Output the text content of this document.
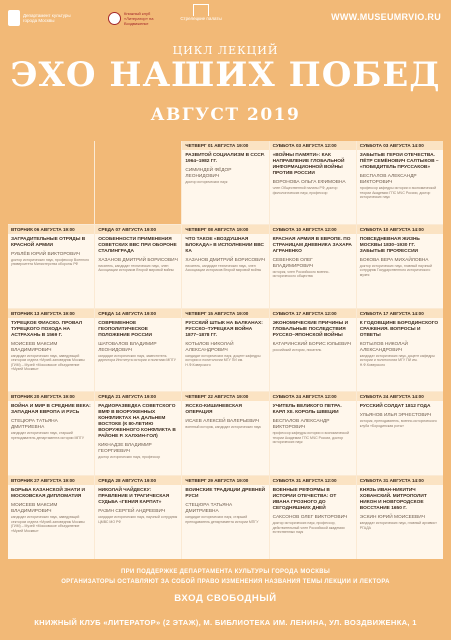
Департамент культуры города Москвы
Книжный клуб «Литератор» на Воздвиженке
Стрелецкие палаты	WWW.MUSEUMRVIO.RU
ЦИКЛ ЛЕКЦИЙ
ЭХО НАШИХ ПОБЕД
АВГУСТ 2019
ЧЕТВЕРГ 01 АВГУСТА 19:00
РАЗВИТОЙ СОЦИАЛИЗМ В СССР. 1964–1982 ГГ.
СИМИНДЕЙ ФЁДОР ЛЕОНИДОВИЧ
доктор исторических наук
СУББОТА 03 АВГУСТА 12:00
«ВОЙНЫ ПАМЯТИ»: КАК НАПРАВЛЕНИЕ ГЛОБАЛЬНОЙ ИНФОРМАЦИОННОЙ ВОЙНЫ ПРОТИВ РОССИИ
ВОРОНОВА ОЛЬГА ЕФИМОВНА
член Общественной палаты РФ, доктор филологических наук, профессор
СУББОТА 03 АВГУСТА 14:00
ЗАБЫТЫЕ ГЕРОИ ОТЕЧЕСТВА. ПЁТР СЕМЁНОВИЧ САЛТЫКОВ – «ПОБЕДИТЕЛЬ ПРУССАКОВ»
БЕСПАЛОВ АЛЕКСАНДР ВИКТОРОВИЧ
профессор кафедры истории и экономической теории Академии ГПС МЧС России, доктор исторических наук
ВТОРНИК 06 АВГУСТА 19:00
ЗАГРАДИТЕЛЬНЫЕ ОТРЯДЫ В КРАСНОЙ АРМИИ
РУБЛЁВ ЮРИЙ ВИКТОРОВИЧ
доктор исторических наук, профессор Военного университета Министерства обороны РФ
СРЕДА 07 АВГУСТА 19:00
ОСОБЕННОСТИ ПРИМЕНЕНИЯ СОВЕТСКИХ ВВС ПРИ ОБОРОНЕ СТАЛИНГРАДА
ХАЗАНОВ ДМИТРИЙ БОРИСОВИЧ
писатель, кандидат технических наук, член Ассоциации историков Второй мировой войны
ЧЕТВЕРГ 08 АВГУСТА 19:00
ЧТО ТАКОЕ «ВОЗДУШНАЯ БЛОКАДА» В ИСПОЛНЕНИИ ВВС КА
ХАЗАНОВ ДМИТРИЙ БОРИСОВИЧ
писатель, кандидат технических наук, член Ассоциации историков Второй мировой войны
СУББОТА 10 АВГУСТА 12:00
КРАСНАЯ АРМИЯ В ЕВРОПЕ. ПО СТРАНИЦАМ ДНЕВНИКА ЗАХАРА АГРАНЕНКО
СЕВЕНКОВ ОЛЕГ ВЛАДИМИРОВИЧ
историк, член Российского военно-исторического общества
СУББОТА 10 АВГУСТА 14:00
ПОВСЕДНЕВНАЯ ЖИЗНЬ МОСКВЫ 1830–1930 ГГ. ЗАБЫТЫЕ ПРОФЕССИИ
БОКОВА ВЕРА МИХАЙЛОВНА
доктор исторических наук, главный научный сотрудник Государственного исторического музея
ВТОРНИК 13 АВГУСТА 19:00
ТУРЕЦКОЕ ФИАСКО. ПРОВАЛ ТУРЕЦКОГО ПОХОДА НА АСТРАХАНЬ В 1569 Г.
МОИСЕЕВ МАКСИМ ВЛАДИМИРОВИЧ
кандидат исторических наук, заведующий сектором отдела «Музей-заповедник Москвы (ГИМ) – Музей «Московское объединение «Музей Москвы»
СРЕДА 14 АВГУСТА 19:00
СОВРЕМЕННОЕ ГЕОПОЛИТИЧЕСКОЕ ПОЛОЖЕНИЕ РОССИИ
ШАТОВАЛОВ ВЛАДИМИР ЛЕОНИДОВИЧ
кандидат исторических наук, заместитель директора Института истории и политики МПГУ
ЧЕТВЕРГ 15 АВГУСТА 19:00
РУССКИЙ ШТЫК НА БАЛКАНАХ: РУССКО–ТУРЕЦКАЯ ВОЙНА 1877–1878 ГГ.
КОТЫЛОВ НИКОЛАЙ АЛЕКСАНДРОВИЧ
кандидат исторических наук, доцент кафедры истории и политологии МГУ ПИ им. Н.Ф.Коверского
СУББОТА 17 АВГУСТА 12:00
ЭКОНОМИЧЕСКИЕ ПРИЧИНЫ И ГЛОБАЛЬНЫЕ ПОСЛЕДСТВИЯ РУССКО–ЯПОНСКОЙ ВОЙНЫ
КАТАРИНСКИЙ БОРИС ЮЛЬЕВИЧ
российский историк, писатель
СУББОТА 17 АВГУСТА 14:00
К ГОДОВЩИНЕ БОРОДИНСКОГО СРАЖЕНИЯ. ВОПРОСЫ И ОТВЕТЫ
КОТЫЛОВ НИКОЛАЙ АЛЕКСАНДРОВИЧ
кандидат исторических наук, доцент кафедры истории и политологии МГУ ПИ им. Н.Ф.Коверского
ВТОРНИК 20 АВГУСТА 19:00
ВОЙНА И МИР В СРЕДНИЕ ВЕКА: ЗАПАДНАЯ ЕВРОПА И РУСЬ
СТЕЦЮРА ТАТЬЯНА ДМИТРИЕВНА
кандидат исторических наук, старший преподаватель департамента истории МПГУ
СРЕДА 21 АВГУСТА 19:00
РАДИОРАЗВЕДКА СОВЕТСКОГО ВМФ В ВООРУЖЕННЫХ КОНФЛИКТАХ НА ДАЛЬНЕМ ВОСТОКЕ (К 80-ЛЕТИЮ ВООРУЖЕННОГО КОНФЛИКТА В РАЙОНЕ Р. ХАЛХИН-ГОЛ)
КИКНАДЗЕ ВЛАДИМИР ГЕОРГИЕВИЧ
доктор исторических наук, профессор
ЧЕТВЕРГ 22 АВГУСТА 19:00
ЯССКО-КИШИНЕВСКАЯ ОПЕРАЦИЯ
ИСАЕВ АЛЕКСЕЙ ВАЛЕРЬЕВИЧ
военный историк, кандидат исторических наук
СУББОТА 24 АВГУСТА 12:00
УЧИТЕЛЬ ВЕЛИКОГО ПЕТРА. КАРЛ XII. КОРОЛЬ ШВЕЦИИ
БЕСПАЛОВ АЛЕКСАНДР ВИКТОРОВИЧ
профессор кафедры истории и экономической теории Академии ГПС МЧС России, доктор исторических наук
СУББОТА 24 АВГУСТА 14:00
РУССКИЙ СОЛДАТ 1812 ГОДА
УЛЬЯНОВ ИЛЬЯ ЭРНЕСТОВИЧ
историк, преподаватель, военно-исторического клуба «Бородинская роты»
ВТОРНИК 27 АВГУСТА 19:00
БОРЬБА КАЗАНСКОЙ ЗНАТИ И МОСКОВСКАЯ ДИПЛОМАТИЯ
МОИСЕЕВ МАКСИМ ВЛАДИМИРОВИЧ
кандидат исторических наук, заведующий сектором отдела «Музей-заповедник Москвы (ГИМ) – Музей «Московское объединение «Музей Москвы»
СРЕДА 28 АВГУСТА 19:00
НИКОЛАЙ ЧАЙДЕСКУ: ПРАВЛЕНИЕ И ТРАГИЧЕСКАЯ СУДЬБА «ГЕНИЯ КАРПАТ»
РАЗИН СЕРГЕЙ АНДРЕЕВИЧ
кандидат исторических наук, научный сотрудник ЦМВС МО РФ
ЧЕТВЕРГ 29 АВГУСТА 19:00
ВОИНСКИЕ ТРАДИЦИИ ДРЕВНЕЙ РУСИ
СТЕЦЮРА ТАТЬЯНА ДМИТРИЕВНА
кандидат исторических наук, старший преподаватель департамента истории МПГУ
СУББОТА 31 АВГУСТА 12:00
ВОЕННЫЕ РЕФОРМЫ В ИСТОРИИ ОТЕЧЕСТВА: ОТ ИВАНА ГРОЗНОГО ДО СЕГОДНЯШНИХ ДНЕЙ
САКСОНОВ ОЛЕГ ВИКТОРОВИЧ
доктор исторических наук, профессор, действительный член Российской академии естественных наук
СУББОТА 31 АВГУСТА 14:00
КНЯЗЬ ИВАН-НИКИТИЧ ХОВАНСКИЙ. МИТРОПОЛИТ НИКОН И НОВГОРОДСКОЕ ВОССТАНИЕ 1650 Г.
ЭСКИН ЮРИЙ МОИСЕЕВИЧ
кандидат исторических наук, главный архивист РГАДА
ПРИ ПОДДЕРЖКЕ ДЕПАРТАМЕНТА КУЛЬТУРЫ ГОРОДА МОСКВЫ
ОРГАНИЗАТОРЫ ОСТАВЛЯЮТ ЗА СОБОЙ ПРАВО ИЗМЕНЕНИЯ НАЗВАНИЯ ТЕМЫ ЛЕКЦИИ И ЛЕКТОРА
ВХОД СВОБОДНЫЙ
КНИЖНЫЙ КЛУБ «ЛИТЕРАТОР» (2 ЭТАЖ), М. БИБЛИОТЕКА ИМ. ЛЕНИНА, УЛ. ВОЗДВИЖЕНКА, 1
